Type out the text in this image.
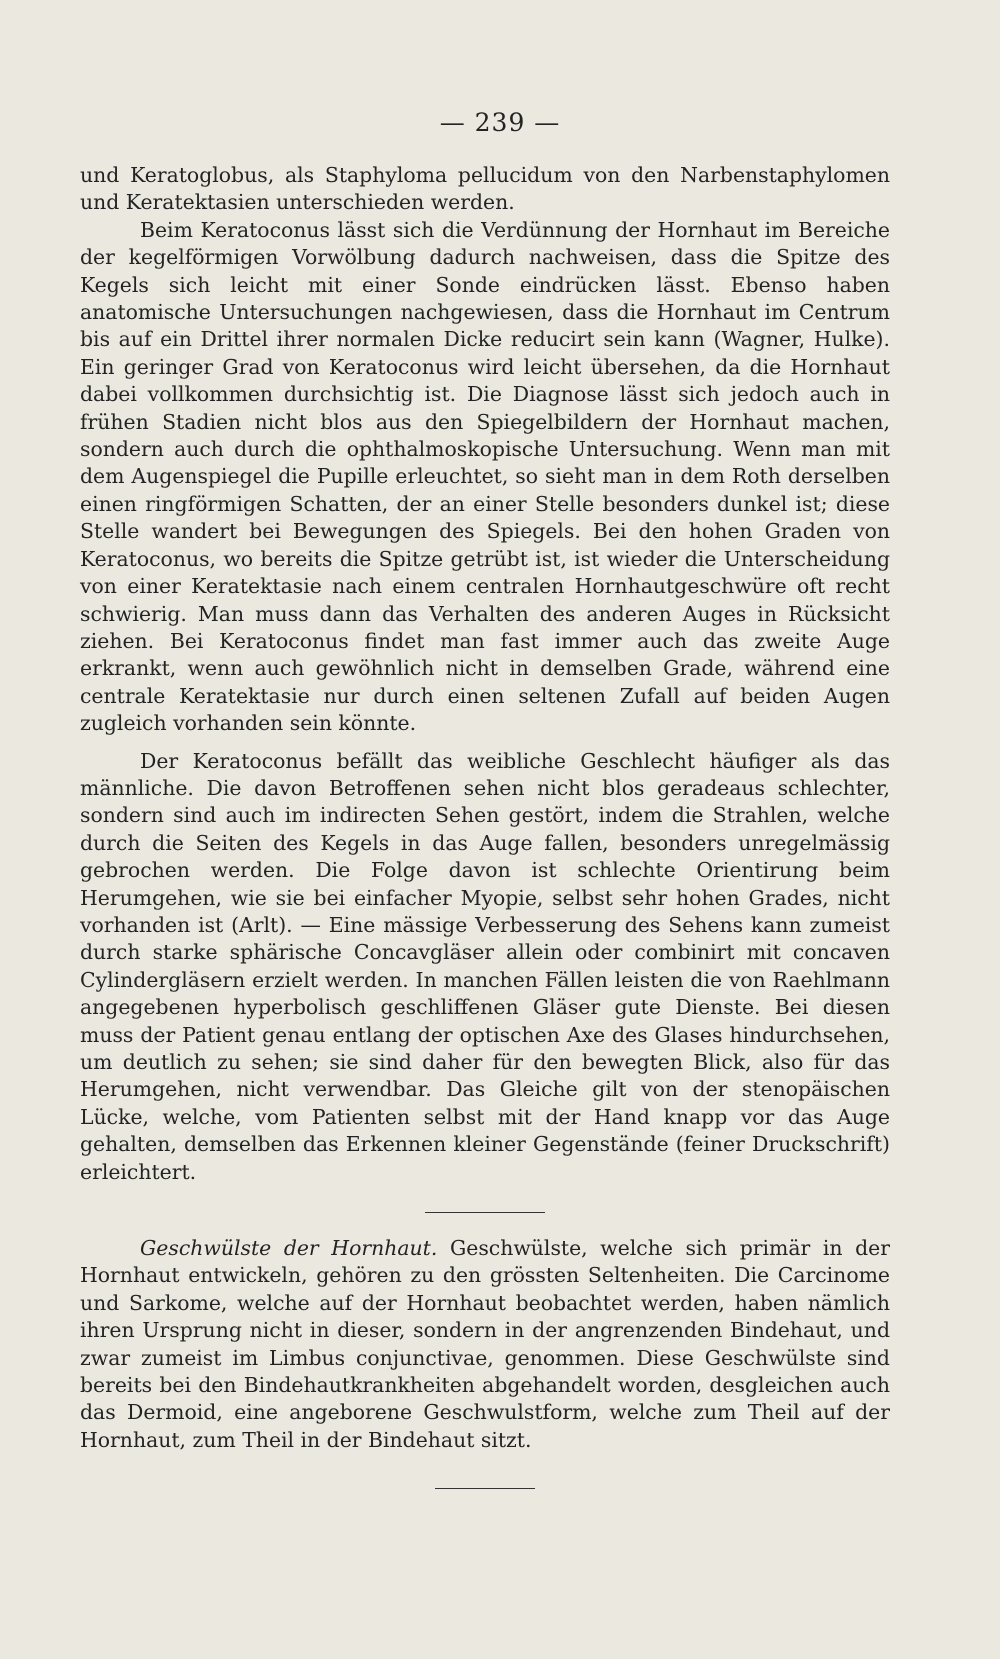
— 239 —

und Keratoglobus, als Staphyloma pellucidum von den Narbenstaphylomen und Keratektasien unterschieden werden.

Beim Keratoconus lässt sich die Verdünnung der Hornhaut im Bereiche der kegelförmigen Vorwölbung dadurch nachweisen, dass die Spitze des Kegels sich leicht mit einer Sonde eindrücken lässt. Ebenso haben anatomische Untersuchungen nachgewiesen, dass die Hornhaut im Centrum bis auf ein Drittel ihrer normalen Dicke reducirt sein kann (Wagner, Hulke). Ein geringer Grad von Keratoconus wird leicht übersehen, da die Hornhaut dabei vollkommen durchsichtig ist. Die Diagnose lässt sich jedoch auch in frühen Stadien nicht blos aus den Spiegelbildern der Hornhaut machen, sondern auch durch die ophthalmoskopische Untersuchung. Wenn man mit dem Augenspiegel die Pupille erleuchtet, so sieht man in dem Roth derselben einen ringförmigen Schatten, der an einer Stelle besonders dunkel ist; diese Stelle wandert bei Bewegungen des Spiegels. Bei den hohen Graden von Keratoconus, wo bereits die Spitze getrübt ist, ist wieder die Unterscheidung von einer Keratektasie nach einem centralen Hornhautgeschwüre oft recht schwierig. Man muss dann das Verhalten des anderen Auges in Rücksicht ziehen. Bei Keratoconus findet man fast immer auch das zweite Auge erkrankt, wenn auch gewöhnlich nicht in demselben Grade, während eine centrale Keratektasie nur durch einen seltenen Zufall auf beiden Augen zugleich vorhanden sein könnte.

Der Keratoconus befällt das weibliche Geschlecht häufiger als das männliche. Die davon Betroffenen sehen nicht blos geradeaus schlechter, sondern sind auch im indirecten Sehen gestört, indem die Strahlen, welche durch die Seiten des Kegels in das Auge fallen, besonders unregelmässig gebrochen werden. Die Folge davon ist schlechte Orientirung beim Herumgehen, wie sie bei einfacher Myopie, selbst sehr hohen Grades, nicht vorhanden ist (Arlt). — Eine mässige Verbesserung des Sehens kann zumeist durch starke sphärische Concavgläser allein oder combinirt mit concaven Cylindergläsern erzielt werden. In manchen Fällen leisten die von Raehlmann angegebenen hyperbolisch geschliffenen Gläser gute Dienste. Bei diesen muss der Patient genau entlang der optischen Axe des Glases hindurchsehen, um deutlich zu sehen; sie sind daher für den bewegten Blick, also für das Herumgehen, nicht verwendbar. Das Gleiche gilt von der stenopäischen Lücke, welche, vom Patienten selbst mit der Hand knapp vor das Auge gehalten, demselben das Erkennen kleiner Gegenstände (feiner Druckschrift) erleichtert.

Geschwülste der Hornhaut. Geschwülste, welche sich primär in der Hornhaut entwickeln, gehören zu den grössten Seltenheiten. Die Carcinome und Sarkome, welche auf der Hornhaut beobachtet werden, haben nämlich ihren Ursprung nicht in dieser, sondern in der angrenzenden Bindehaut, und zwar zumeist im Limbus conjunctivae, genommen. Diese Geschwülste sind bereits bei den Bindehautkrankheiten abgehandelt worden, desgleichen auch das Dermoid, eine angeborene Geschwulstform, welche zum Theil auf der Hornhaut, zum Theil in der Bindehaut sitzt.
